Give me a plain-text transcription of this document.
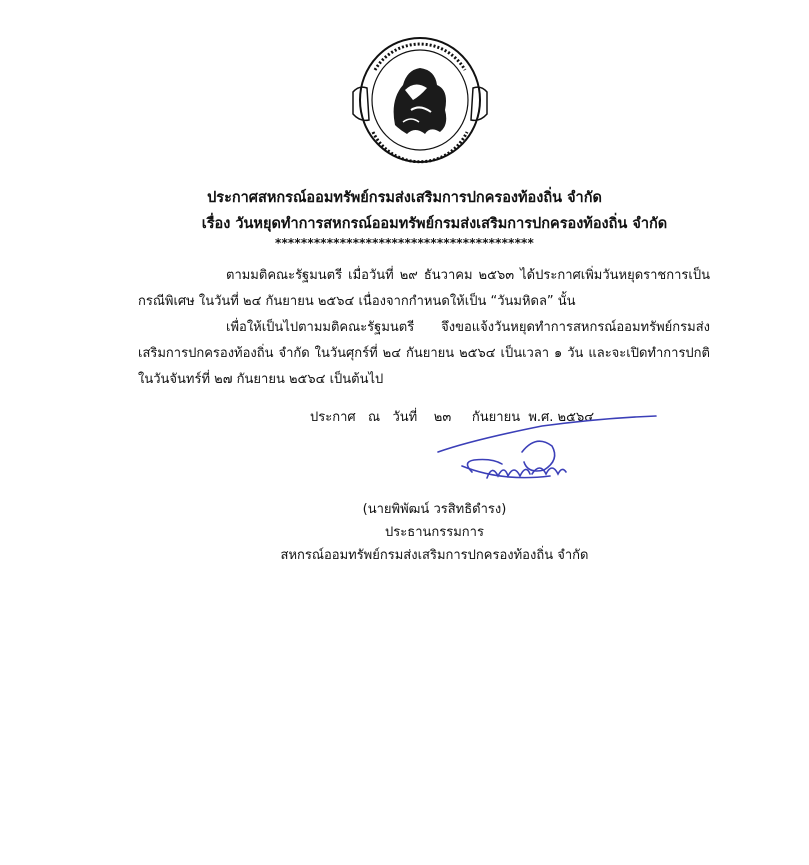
ประกาศสหกรณ์ออมทรัพย์กรมส่งเสริมการปกครองท้องถิ่น จำกัด
เรื่อง วันหยุดทำการสหกรณ์ออมทรัพย์กรมส่งเสริมการปกครองท้องถิ่น จำกัด
****************************************
ตามมติคณะรัฐมนตรี เมื่อวันที่ ๒๙ ธันวาคม ๒๕๖๓ ได้ประกาศเพิ่มวันหยุดราชการเป็นกรณีพิเศษ ในวันที่ ๒๔ กันยายน ๒๕๖๔ เนื่องจากกำหนดให้เป็น “วันมหิดล” นั้น
เพื่อให้เป็นไปตามมติคณะรัฐมนตรี จึงขอแจ้งวันหยุดทำการสหกรณ์ออมทรัพย์กรมส่งเสริมการปกครองท้องถิ่น จำกัด ในวันศุกร์ที่ ๒๔ กันยายน ๒๕๖๔ เป็นเวลา ๑ วัน และจะเปิดทำการปกติในวันจันทร์ที่ ๒๗ กันยายน ๒๕๖๔ เป็นต้นไป
ประกาศ   ณ   วันที่    ๒๓     กันยายน  พ.ศ. ๒๕๖๔
(นายพิพัฒน์ วรสิทธิดำรง)
ประธานกรรมการ
สหกรณ์ออมทรัพย์กรมส่งเสริมการปกครองท้องถิ่น จำกัด
